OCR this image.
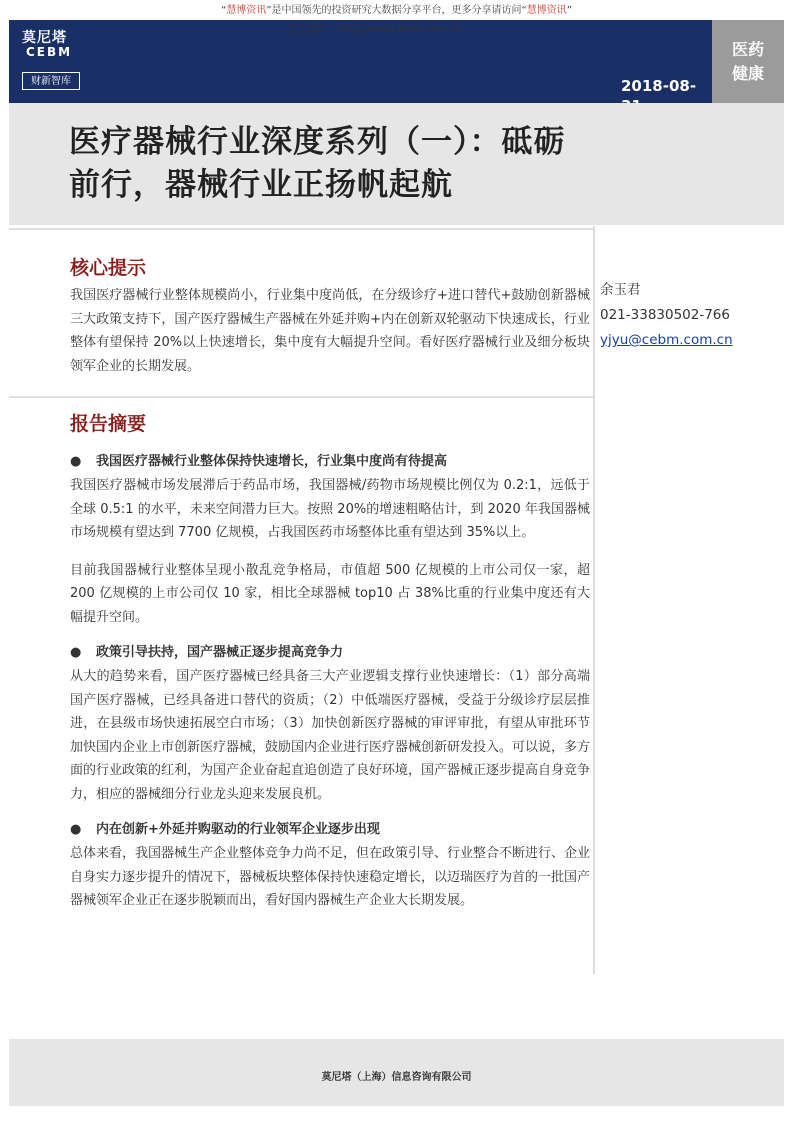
“慧博资讯”是中国领先的投资研究大数据分享平台，更多分享请访问“慧博资讯”
莫尼塔
CEBM
财新智库	2018-08-
点击进入 ☝ http://www.hibor.com.cn
医药
健康
医疗器械行业深度系列（一）：砥砺
前行，器械行业正扬帆起航
核心提示
我国医疗器械行业整体规模尚小，行业集中度尚低，在分级诊疗+进口替代+鼓励创新器械三大政策支持下，国产医疗器械生产器械在外延并购+内在创新双轮驱动下快速成长，行业整体有望保持 20%以上快速增长，集中度有大幅提升空间。看好医疗器械行业及细分板块领军企业的长期发展。
余玉君
021-33830502-766
yjyu@cebm.com.cn
报告摘要
● 我国医疗器械行业整体保持快速增长，行业集中度尚有待提高
我国医疗器械市场发展滞后于药品市场，我国器械/药物市场规模比例仅为 0.2:1，远低于全球 0.5:1 的水平，未来空间潜力巨大。按照 20%的增速粗略估计，到 2020 年我国器械市场规模有望达到 7700 亿规模，占我国医药市场整体比重有望达到 35%以上。
目前我国器械行业整体呈现小散乱竞争格局，市值超 500 亿规模的上市公司仅一家，超 200 亿规模的上市公司仅 10 家，相比全球器械 top10 占 38%比重的行业集中度还有大幅提升空间。
● 政策引导扶持，国产器械正逐步提高竞争力
从大的趋势来看，国产医疗器械已经具备三大产业逻辑支撑行业快速增长：（1）部分高端国产医疗器械，已经具备进口替代的资质；（2）中低端医疗器械，受益于分级诊疗层层推进，在县级市场快速拓展空白市场；（3）加快创新医疗器械的审评审批，有望从审批环节加快国内企业上市创新医疗器械，鼓励国内企业进行医疗器械创新研发投入。可以说，多方面的行业政策的红利，为国产企业奋起直追创造了良好环境，国产器械正逐步提高自身竞争力，相应的器械细分行业龙头迎来发展良机。
● 内在创新+外延并购驱动的行业领军企业逐步出现
总体来看，我国器械生产企业整体竞争力尚不足，但在政策引导、行业整合不断进行、企业自身实力逐步提升的情况下，器械板块整体保持快速稳定增长，以迈瑞医疗为首的一批国产器械领军企业正在逐步脱颖而出，看好国内器械生产企业大长期发展。
莫尼塔（上海）信息咨询有限公司
